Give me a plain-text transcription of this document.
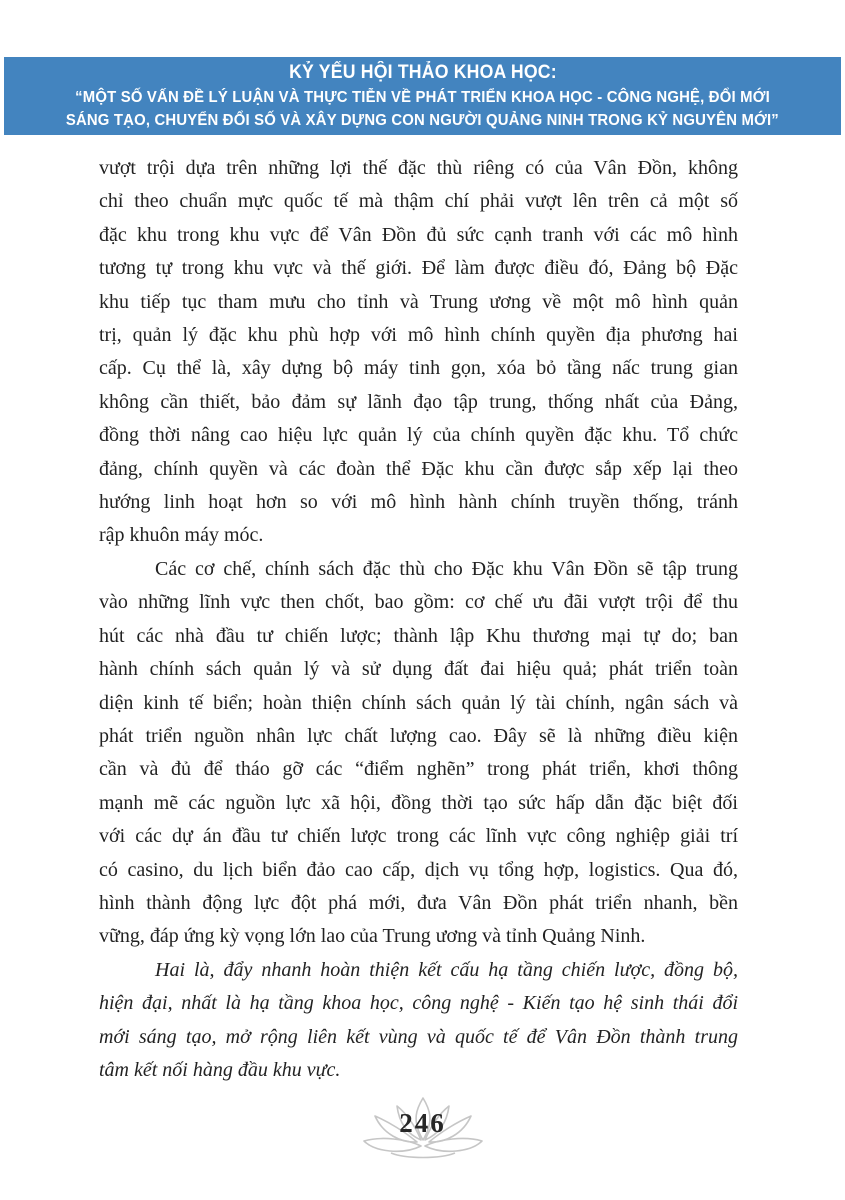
KỶ YẾU HỘI THẢO KHOA HỌC:
“MỘT SỐ VẤN ĐỀ LÝ LUẬN VÀ THỰC TIỄN VỀ PHÁT TRIỂN KHOA HỌC - CÔNG NGHỆ, ĐỔI MỚI
SÁNG TẠO, CHUYỂN ĐỔI SỐ VÀ XÂY DỰNG CON NGƯỜI QUẢNG NINH TRONG KỶ NGUYÊN MỚI”
vượt trội dựa trên những lợi thế đặc thù riêng có của Vân Đồn, không
chỉ theo chuẩn mực quốc tế mà thậm chí phải vượt lên trên cả một số
đặc khu trong khu vực để Vân Đồn đủ sức cạnh tranh với các mô hình
tương tự trong khu vực và thế giới. Để làm được điều đó, Đảng bộ Đặc
khu tiếp tục tham mưu cho tỉnh và Trung ương về một mô hình quản
trị, quản lý đặc khu phù hợp với mô hình chính quyền địa phương hai
cấp. Cụ thể là, xây dựng bộ máy tinh gọn, xóa bỏ tầng nấc trung gian
không cần thiết, bảo đảm sự lãnh đạo tập trung, thống nhất của Đảng,
đồng thời nâng cao hiệu lực quản lý của chính quyền đặc khu. Tổ chức
đảng, chính quyền và các đoàn thể Đặc khu cần được sắp xếp lại theo
hướng linh hoạt hơn so với mô hình hành chính truyền thống, tránh
rập khuôn máy móc.
Các cơ chế, chính sách đặc thù cho Đặc khu Vân Đồn sẽ tập trung
vào những lĩnh vực then chốt, bao gồm: cơ chế ưu đãi vượt trội để thu
hút các nhà đầu tư chiến lược; thành lập Khu thương mại tự do; ban
hành chính sách quản lý và sử dụng đất đai hiệu quả; phát triển toàn
diện kinh tế biển; hoàn thiện chính sách quản lý tài chính, ngân sách và
phát triển nguồn nhân lực chất lượng cao. Đây sẽ là những điều kiện
cần và đủ để tháo gỡ các “điểm nghẽn” trong phát triển, khơi thông
mạnh mẽ các nguồn lực xã hội, đồng thời tạo sức hấp dẫn đặc biệt đối
với các dự án đầu tư chiến lược trong các lĩnh vực công nghiệp giải trí
có casino, du lịch biển đảo cao cấp, dịch vụ tổng hợp, logistics. Qua đó,
hình thành động lực đột phá mới, đưa Vân Đồn phát triển nhanh, bền
vững, đáp ứng kỳ vọng lớn lao của Trung ương và tỉnh Quảng Ninh.
Hai là, đẩy nhanh hoàn thiện kết cấu hạ tầng chiến lược, đồng bộ,
hiện đại, nhất là hạ tầng khoa học, công nghệ - Kiến tạo hệ sinh thái đổi
mới sáng tạo, mở rộng liên kết vùng và quốc tế để Vân Đồn thành trung
tâm kết nối hàng đầu khu vực.
246
